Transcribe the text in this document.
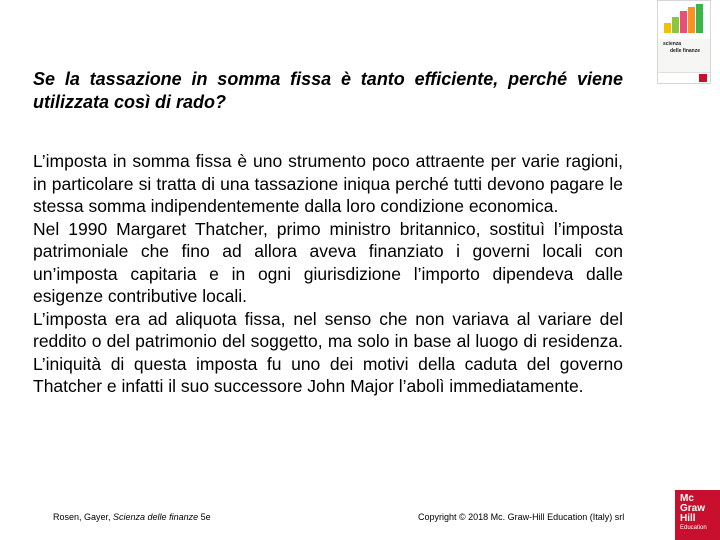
scienza
delle finanze
Se la tassazione in somma fissa è tanto efficiente, perché viene utilizzata così di rado?

L’imposta in somma fissa è uno strumento poco attraente per varie ragioni, in particolare si tratta di una tassazione iniqua perché tutti devono pagare le stessa somma indipendentemente dalla loro condizione economica.

Nel 1990 Margaret Thatcher, primo ministro britannico, sostituì l’imposta patrimoniale che fino ad allora aveva finanziato i governi locali con un’imposta capitaria e in ogni giurisdizione l’importo dipendeva dalle esigenze contributive locali.

L’imposta era ad aliquota fissa, nel senso che non variava al variare del reddito o del patrimonio del soggetto, ma solo in base al luogo di residenza. L’iniquità di questa imposta fu uno dei motivi della caduta del governo Thatcher e infatti il suo successore John Major l’abolì immediatamente.

Rosen, Gayer, Scienza delle finanze 5e	Copyright © 2018 Mc. Graw-Hill Education (Italy) srl
Mc
Graw
Hill
Education
